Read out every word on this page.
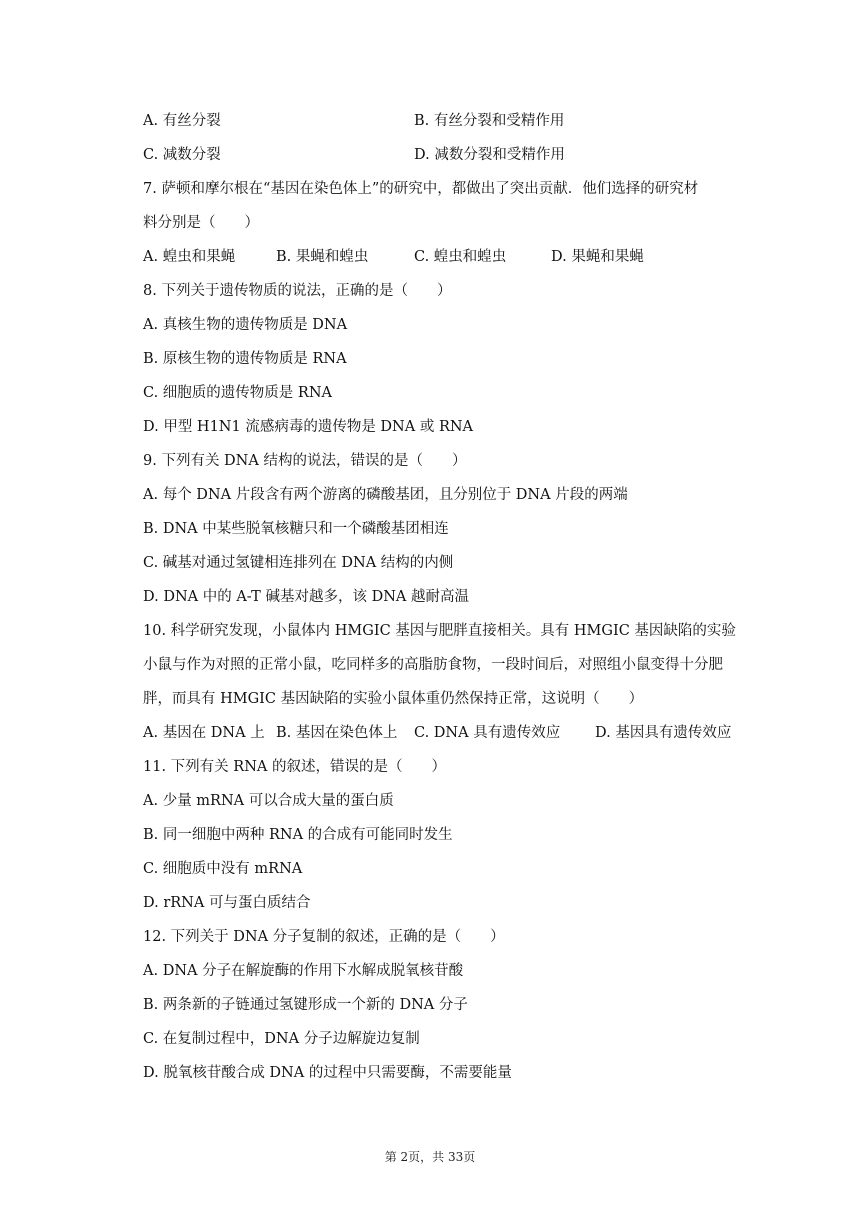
A. 有丝分裂	B. 有丝分裂和受精作用
C. 减数分裂	D. 减数分裂和受精作用
7. 萨顿和摩尔根在“基因在染色体上”的研究中，都做出了突出贡献．他们选择的研究材
料分别是（　　）
A. 蝗虫和果蝇	B. 果蝇和蝗虫	C. 蝗虫和蝗虫	D. 果蝇和果蝇
8. 下列关于遗传物质的说法，正确的是（　　）
A. 真核生物的遗传物质是 DNA
B. 原核生物的遗传物质是 RNA
C. 细胞质的遗传物质是 RNA
D. 甲型 H1N1 流感病毒的遗传物是 DNA 或 RNA
9. 下列有关 DNA 结构的说法，错误的是（　　）
A. 每个 DNA 片段含有两个游离的磷酸基团，且分别位于 DNA 片段的两端
B. DNA 中某些脱氧核糖只和一个磷酸基团相连
C. 碱基对通过氢键相连排列在 DNA 结构的内侧
D. DNA 中的 A-T 碱基对越多，该 DNA 越耐高温
10. 科学研究发现，小鼠体内 HMGIC 基因与肥胖直接相关。具有 HMGIC 基因缺陷的实验
小鼠与作为对照的正常小鼠，吃同样多的高脂肪食物，一段时间后，对照组小鼠变得十分肥
胖，而具有 HMGIC 基因缺陷的实验小鼠体重仍然保持正常，这说明（　　）
A. 基因在 DNA 上 B. 基因在染色体上 C. DNA 具有遗传效应 D. 基因具有遗传效应
11. 下列有关 RNA 的叙述，错误的是（　　）
A. 少量 mRNA 可以合成大量的蛋白质
B. 同一细胞中两种 RNA 的合成有可能同时发生
C. 细胞质中没有 mRNA
D. rRNA 可与蛋白质结合
12. 下列关于 DNA 分子复制的叙述，正确的是（　　）
A. DNA 分子在解旋酶的作用下水解成脱氧核苷酸
B. 两条新的子链通过氢键形成一个新的 DNA 分子
C. 在复制过程中，DNA 分子边解旋边复制
D. 脱氧核苷酸合成 DNA 的过程中只需要酶，不需要能量
第 2页，共 33页
